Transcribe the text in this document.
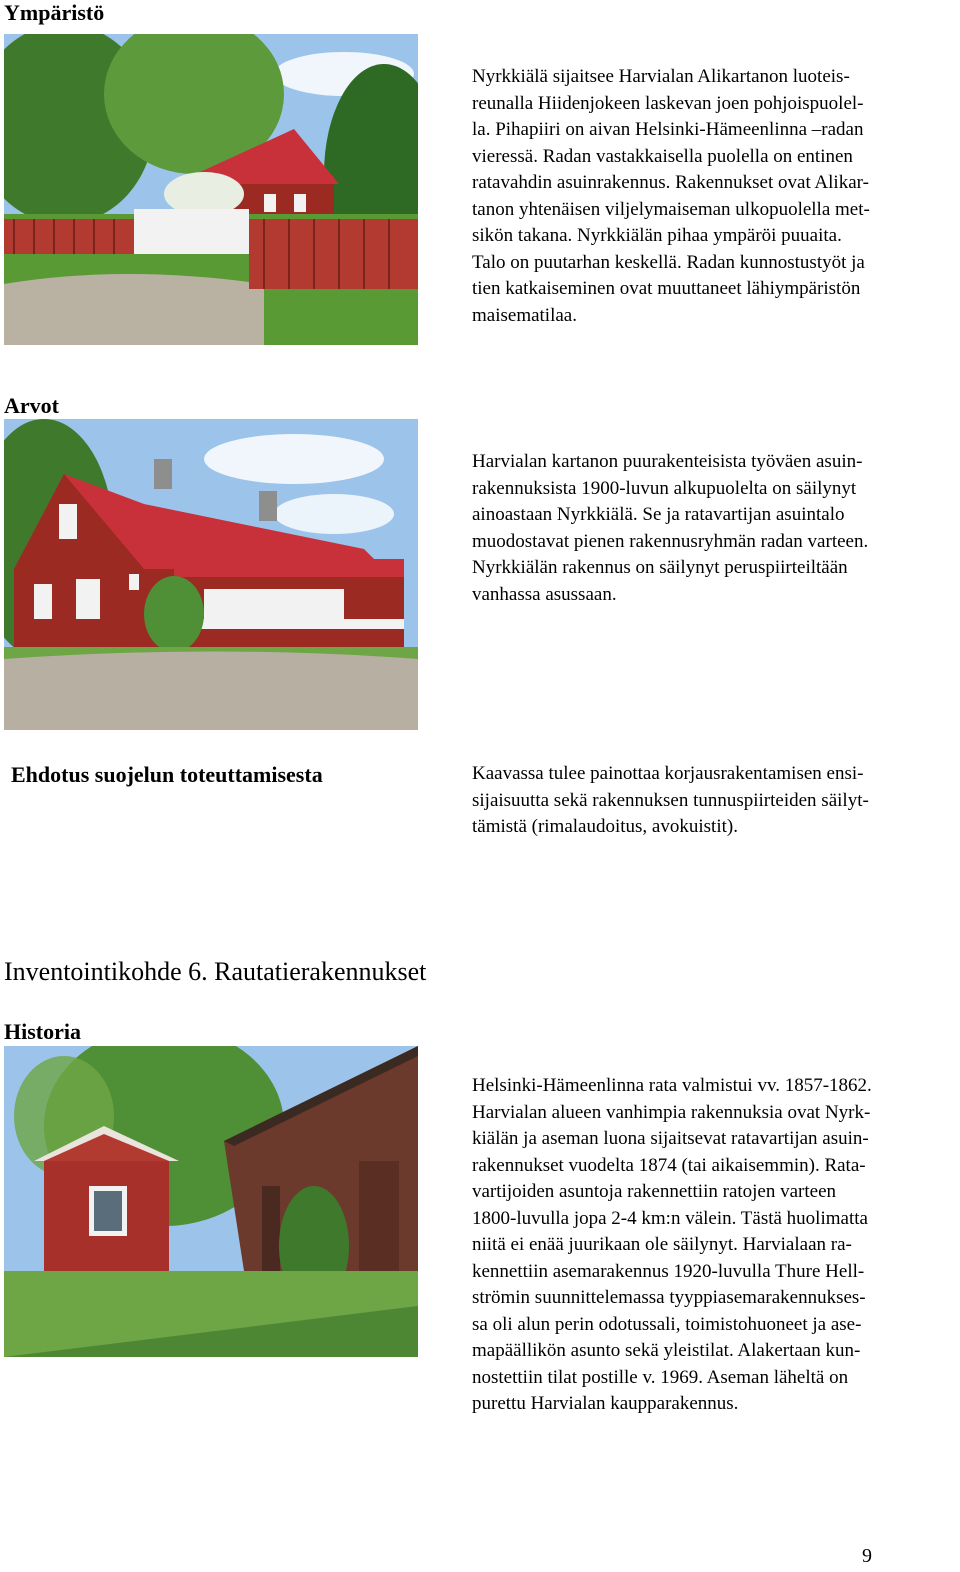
Ympäristö
Nyrkkiälä sijaitsee Harvialan Alikartanon luoteis-
reunalla Hiidenjokeen laskevan joen pohjoispuolel-
la. Pihapiiri on aivan Helsinki-Hämeenlinna –radan
vieressä. Radan vastakkaisella puolella on entinen
ratavahdin asuinrakennus. Rakennukset ovat Alikar-
tanon yhtenäisen viljelymaiseman ulkopuolella met-
sikön takana. Nyrkkiälän pihaa ympäröi puuaita.
Talo on puutarhan keskellä. Radan kunnostustyöt ja
tien katkaiseminen ovat muuttaneet lähiympäristön
maisematilaa.
Arvot
Harvialan kartanon puurakenteisista työväen asuin-
rakennuksista 1900-luvun alkupuolelta on säilynyt
ainoastaan Nyrkkiälä. Se ja ratavartijan asuintalo
muodostavat pienen rakennusryhmän radan varteen.
Nyrkkiälän rakennus on säilynyt peruspiirteiltään
vanhassa asussaan.
Ehdotus suojelun toteuttamisesta	Kaavassa tulee painottaa korjausrakentamisen ensi-
sijaisuutta sekä rakennuksen tunnuspiirteiden säilyt-
tämistä (rimalaudoitus, avokuistit).
Inventointikohde 6. Rautatierakennukset
Historia
Helsinki-Hämeenlinna rata valmistui vv. 1857-1862.
Harvialan alueen vanhimpia rakennuksia ovat Nyrk-
kiälän ja aseman luona sijaitsevat ratavartijan asuin-
rakennukset vuodelta 1874 (tai aikaisemmin). Rata-
vartijoiden asuntoja rakennettiin ratojen varteen
1800-luvulla jopa 2-4 km:n välein. Tästä huolimatta
niitä ei enää juurikaan ole säilynyt. Harvialaan ra-
kennettiin asemarakennus 1920-luvulla Thure Hell-
strömin suunnittelemassa tyyppiasemarakennukses-
sa oli alun perin odotussali, toimistohuoneet ja ase-
mapäällikön asunto sekä yleistilat. Alakertaan kun-
nostettiin tilat postille v. 1969. Aseman läheltä on
purettu Harvialan kaupparakennus.
9
